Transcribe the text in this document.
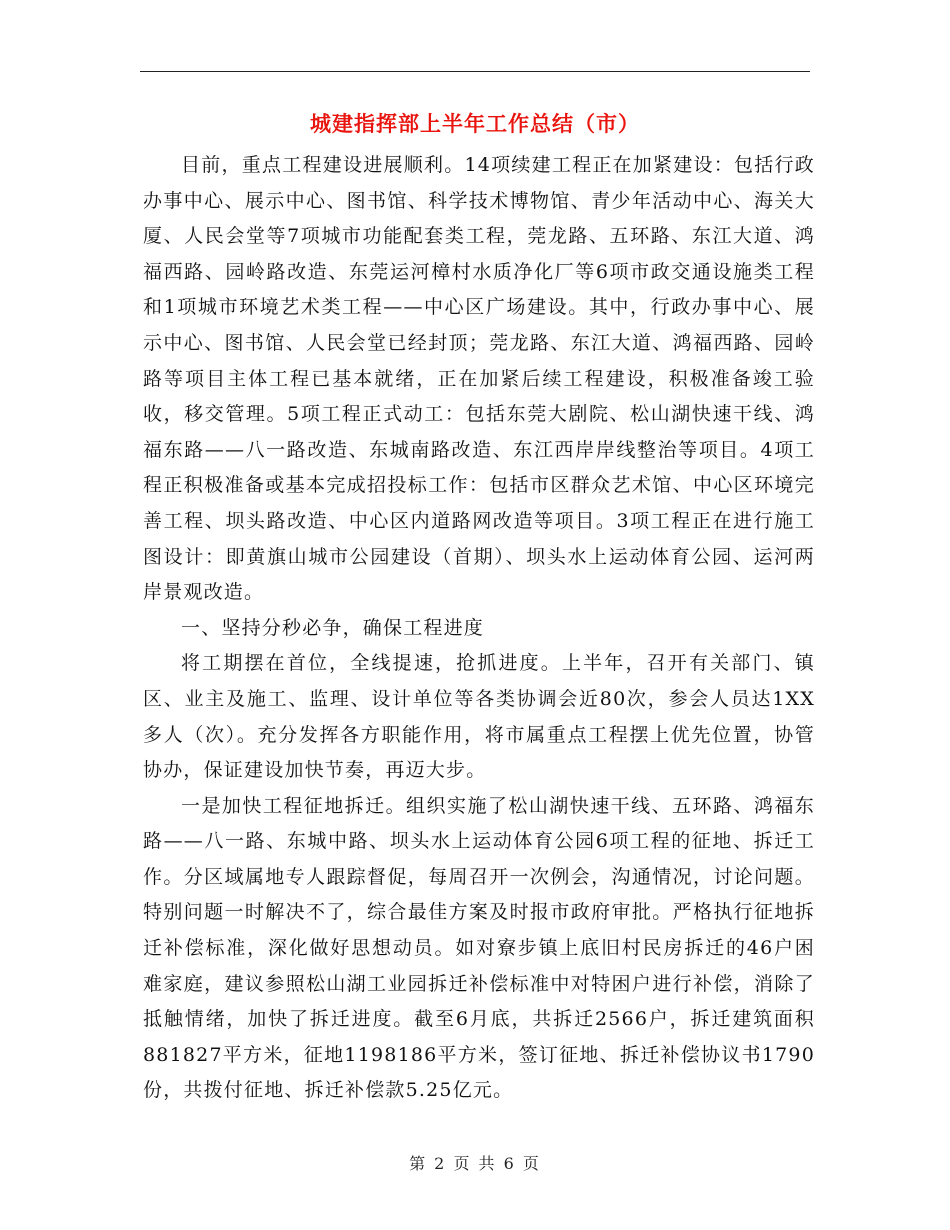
城建指挥部上半年工作总结（市）

目前，重点工程建设进展顺利。14项续建工程正在加紧建设：包括行政办事中心、展示中心、图书馆、科学技术博物馆、青少年活动中心、海关大厦、人民会堂等7项城市功能配套类工程，莞龙路、五环路、东江大道、鸿福西路、园岭路改造、东莞运河樟村水质净化厂等6项市政交通设施类工程和1项城市环境艺术类工程——中心区广场建设。其中，行政办事中心、展示中心、图书馆、人民会堂已经封顶；莞龙路、东江大道、鸿福西路、园岭路等项目主体工程已基本就绪，正在加紧后续工程建设，积极准备竣工验收，移交管理。5项工程正式动工：包括东莞大剧院、松山湖快速干线、鸿福东路——八一路改造、东城南路改造、东江西岸岸线整治等项目。4项工程正积极准备或基本完成招投标工作：包括市区群众艺术馆、中心区环境完善工程、坝头路改造、中心区内道路网改造等项目。3项工程正在进行施工图设计：即黄旗山城市公园建设（首期）、坝头水上运动体育公园、运河两岸景观改造。

一、坚持分秒必争，确保工程进度

将工期摆在首位，全线提速，抢抓进度。上半年，召开有关部门、镇区、业主及施工、监理、设计单位等各类协调会近80次，参会人员达1XX多人（次）。充分发挥各方职能作用，将市属重点工程摆上优先位置，协管协办，保证建设加快节奏，再迈大步。

一是加快工程征地拆迁。组织实施了松山湖快速干线、五环路、鸿福东路——八一路、东城中路、坝头水上运动体育公园6项工程的征地、拆迁工作。分区域属地专人跟踪督促，每周召开一次例会，沟通情况，讨论问题。特别问题一时解决不了，综合最佳方案及时报市政府审批。严格执行征地拆迁补偿标准，深化做好思想动员。如对寮步镇上底旧村民房拆迁的46户困难家庭，建议参照松山湖工业园拆迁补偿标准中对特困户进行补偿，消除了抵触情绪，加快了拆迁进度。截至6月底，共拆迁2566户，拆迁建筑面积881827平方米，征地1198186平方米，签订征地、拆迁补偿协议书1790份，共拨付征地、拆迁补偿款5.25亿元。

第 2 页 共 6 页
